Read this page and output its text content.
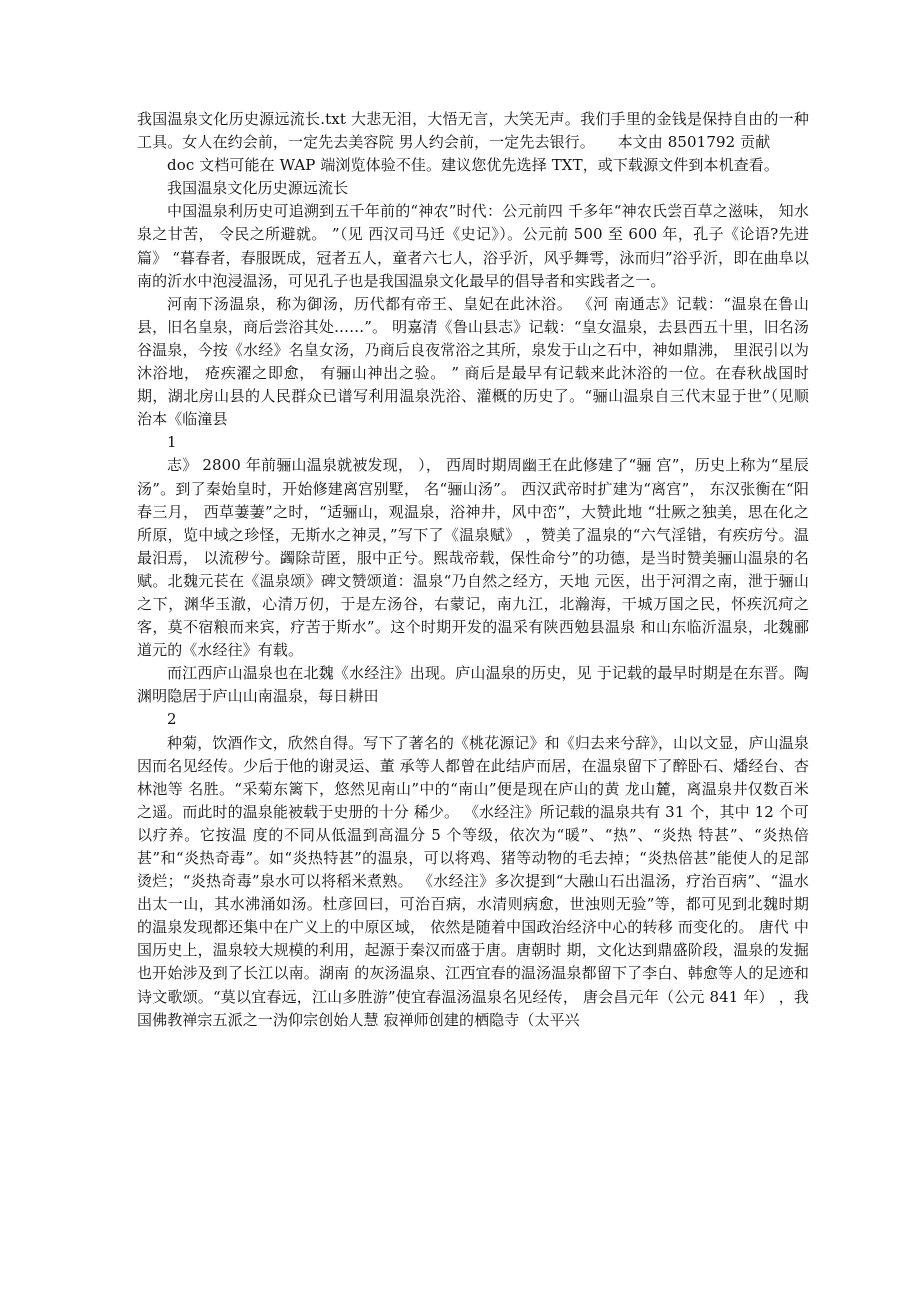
我国温泉文化历史源远流长.txt 大悲无泪，大悟无言，大笑无声。我们手里的金钱是保持自由的一种工具。女人在约会前，一定先去美容院 男人约会前，一定先去银行。　　本文由 8501792 贡献

doc 文档可能在 WAP 端浏览体验不佳。建议您优先选择 TXT，或下载源文件到本机查看。

我国温泉文化历史源远流长

中国温泉利历史可追溯到五千年前的“神农”时代：公元前四 千多年“神农氏尝百草之滋味， 知水泉之甘苦， 令民之所避就。 ”（见 西汉司马迁《史记》）。公元前 500 至 600 年，孔子《论语?先进篇》 “暮春者，春服既成，冠者五人，童者六七人，浴乎沂，风乎舞雩，泳而归”浴乎沂，即在曲阜以南的沂水中泡浸温汤，可见孔子也是我国温泉文化最早的倡导者和实践者之一。

河南下汤温泉，称为御汤，历代都有帝王、皇妃在此沐浴。 《河 南通志》记载：“温泉在鲁山县，旧名皇泉，商后尝浴其处……”。 明嘉清《鲁山县志》记载：“皇女温泉，去县西五十里，旧名汤谷温泉，今按《水经》名皇女汤，乃商后良夜常浴之其所，泉发于山之石中，神如鼎沸， 里泯引以为沐浴地， 疮疾濯之即愈， 有骊山神出之验。 ” 商后是最早有记载来此沐浴的一位。在春秋战国时期，湖北房山县的人民群众已谱写利用温泉洗浴、灌概的历史了。“骊山温泉自三代末显于世”（见顺治本《临潼县

1

志》 2800 年前骊山温泉就被发现， ）， 西周时期周幽王在此修建了“骊 宫”，历史上称为“星辰汤”。到了秦始皇时，开始修建离宫别墅， 名“骊山汤”。 西汉武帝时扩建为“离宫”， 东汉张衡在“阳春三月， 西草萋萋”之时，“适骊山，观温泉，浴神井，风中峦”，大赞此地 “壮厥之独美，思在化之所原，览中域之珍怪，无斯水之神灵，”写下了《温泉赋》 ，赞美了温泉的“六气淫错，有疾疠兮。温最汨焉， 以流秽兮。蠲除苛匿，服中正兮。熙哉帝载，保性命兮”的功德，是当时赞美骊山温泉的名赋。北魏元苌在《温泉颂》碑文赞颂道：温泉“乃自然之经方，天地 元医，出于河渭之南，泄于骊山之下，渊华玉澈，心清万仞，于是左汤谷，右蒙记，南九江，北瀚海，干城万国之民，怀疾沉疴之客，莫不宿粮而来宾，疗苦于斯水”。这个时期开发的温采有陕西勉县温泉 和山东临沂温泉，北魏郦道元的《水经往》有载。

而江西庐山温泉也在北魏《水经注》出现。庐山温泉的历史，见 于记载的最早时期是在东晋。陶渊明隐居于庐山山南温泉，每日耕田

2

种菊，饮酒作文，欣然自得。写下了著名的《桃花源记》和《归去来兮辞》，山以文显，庐山温泉因而名见经传。少后于他的谢灵运、董 承等人都曾在此结庐而居，在温泉留下了醉卧石、燔经台、杏林池等 名胜。“采菊东篱下，悠然见南山”中的“南山”便是现在庐山的黄 龙山麓，离温泉井仅数百米之遥。而此时的温泉能被载于史册的十分 稀少。 《水经注》所记载的温泉共有 31 个，其中 12 个可以疗养。它按温 度的不同从低温到高温分 5 个等级，依次为“暖”、“热”、“炎热 特甚”、“炎热倍甚”和“炎热奇毒”。如“炎热特甚”的温泉，可以将鸡、猪等动物的毛去掉；“炎热倍甚”能使人的足部烫烂；“炎热奇毒”泉水可以将稻米煮熟。 《水经注》多次提到“大融山石出温汤，疗治百病”、“温水出太一山，其水沸涌如汤。杜彦回曰，可治百病，水清则病愈，世浊则无验”等，都可见到北魏时期的温泉发现都还集中在广义上的中原区域， 依然是随着中国政治经济中心的转移 而变化的。 唐代 中国历史上，温泉较大规模的利用，起源于秦汉而盛于唐。唐朝时 期，文化达到鼎盛阶段，温泉的发掘也开始涉及到了长江以南。湖南 的灰汤温泉、江西宜春的温汤温泉都留下了李白、韩愈等人的足迹和 诗文歌颂。“莫以宜春远，江山多胜游”使宜春温汤温泉名见经传， 唐会昌元年（公元 841 年） ，我国佛教禅宗五派之一沩仰宗创始人慧 寂禅师创建的栖隐寺（太平兴
